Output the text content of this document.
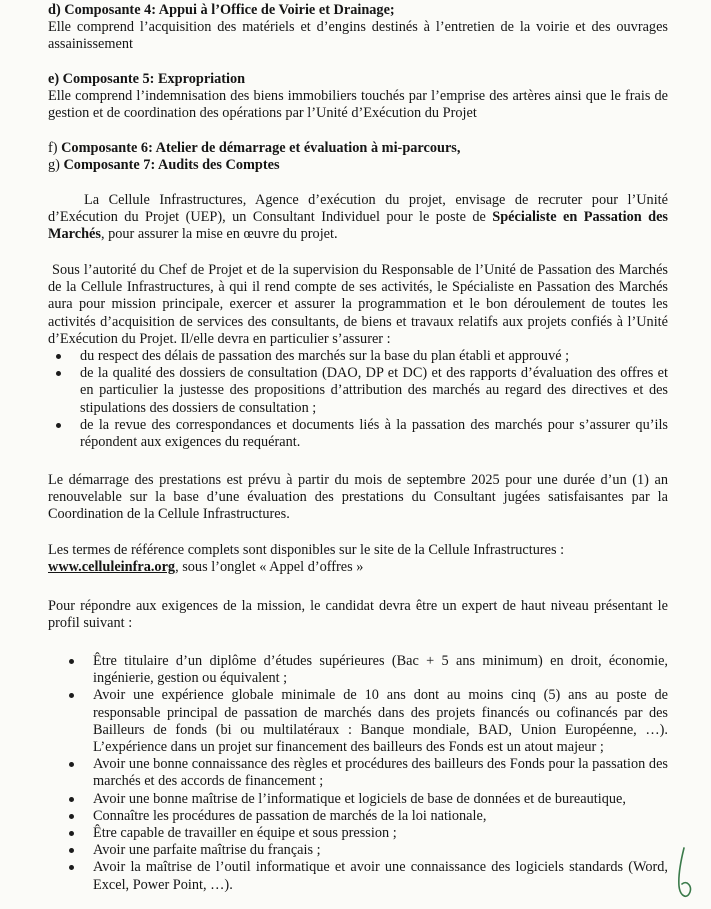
d) Composante 4: Appui à l’Office de Voirie et Drainage;

Elle comprend l’acquisition des matériels et d’engins destinés à l’entretien de la voirie et des ouvrages assainissement

e) Composante 5: Expropriation

Elle comprend l’indemnisation des biens immobiliers touchés par l’emprise des artères ainsi que le frais de gestion et de coordination des opérations par l’Unité d’Exécution du Projet

f) Composante 6: Atelier de démarrage et évaluation à mi-parcours,

g) Composante 7: Audits des Comptes

La Cellule Infrastructures, Agence d’exécution du projet, envisage de recruter pour l’Unité d’Exécution du Projet (UEP), un Consultant Individuel pour le poste de Spécialiste en Passation des Marchés, pour assurer la mise en œuvre du projet.

Sous l’autorité du Chef de Projet et de la supervision du Responsable de l’Unité de Passation des Marchés de la Cellule Infrastructures, à qui il rend compte de ses activités, le Spécialiste en Passation des Marchés aura pour mission principale, exercer et assurer la programmation et le bon déroulement de toutes les activités d’acquisition de services des consultants, de biens et travaux relatifs aux projets confiés à l’Unité d’Exécution du Projet. Il/elle devra en particulier s’assurer :

du respect des délais de passation des marchés sur la base du plan établi et approuvé ;
de la qualité des dossiers de consultation (DAO, DP et DC) et des rapports d’évaluation des offres et en particulier la justesse des propositions d’attribution des marchés au regard des directives et des stipulations des dossiers de consultation ;
de la revue des correspondances et documents liés à la passation des marchés pour s’assurer qu’ils répondent aux exigences du requérant.

Le démarrage des prestations est prévu à partir du mois de septembre 2025 pour une durée d’un (1) an renouvelable sur la base d’une évaluation des prestations du Consultant jugées satisfaisantes par la Coordination de la Cellule Infrastructures.

Les termes de référence complets sont disponibles sur le site de la Cellule Infrastructures :
www.celluleinfra.org, sous l’onglet « Appel d’offres »

Pour répondre aux exigences de la mission, le candidat devra être un expert de haut niveau présentant le profil suivant :

Être titulaire d’un diplôme d’études supérieures (Bac + 5 ans minimum) en droit, économie, ingénierie, gestion ou équivalent ;
Avoir une expérience globale minimale de 10 ans dont au moins cinq (5) ans au poste de responsable principal de passation de marchés dans des projets financés ou cofinancés par des Bailleurs de fonds (bi ou multilatéraux : Banque mondiale, BAD, Union Européenne, …). L’expérience dans un projet sur financement des bailleurs des Fonds est un atout majeur ;
Avoir une bonne connaissance des règles et procédures des bailleurs des Fonds pour la passation des marchés et des accords de financement ;
Avoir une bonne maîtrise de l’informatique et logiciels de base de données et de bureautique,
Connaître les procédures de passation de marchés de la loi nationale,
Être capable de travailler en équipe et sous pression ;
Avoir une parfaite maîtrise du français ;
Avoir la maîtrise de l’outil informatique et avoir une connaissance des logiciels standards (Word, Excel, Power Point, …).
